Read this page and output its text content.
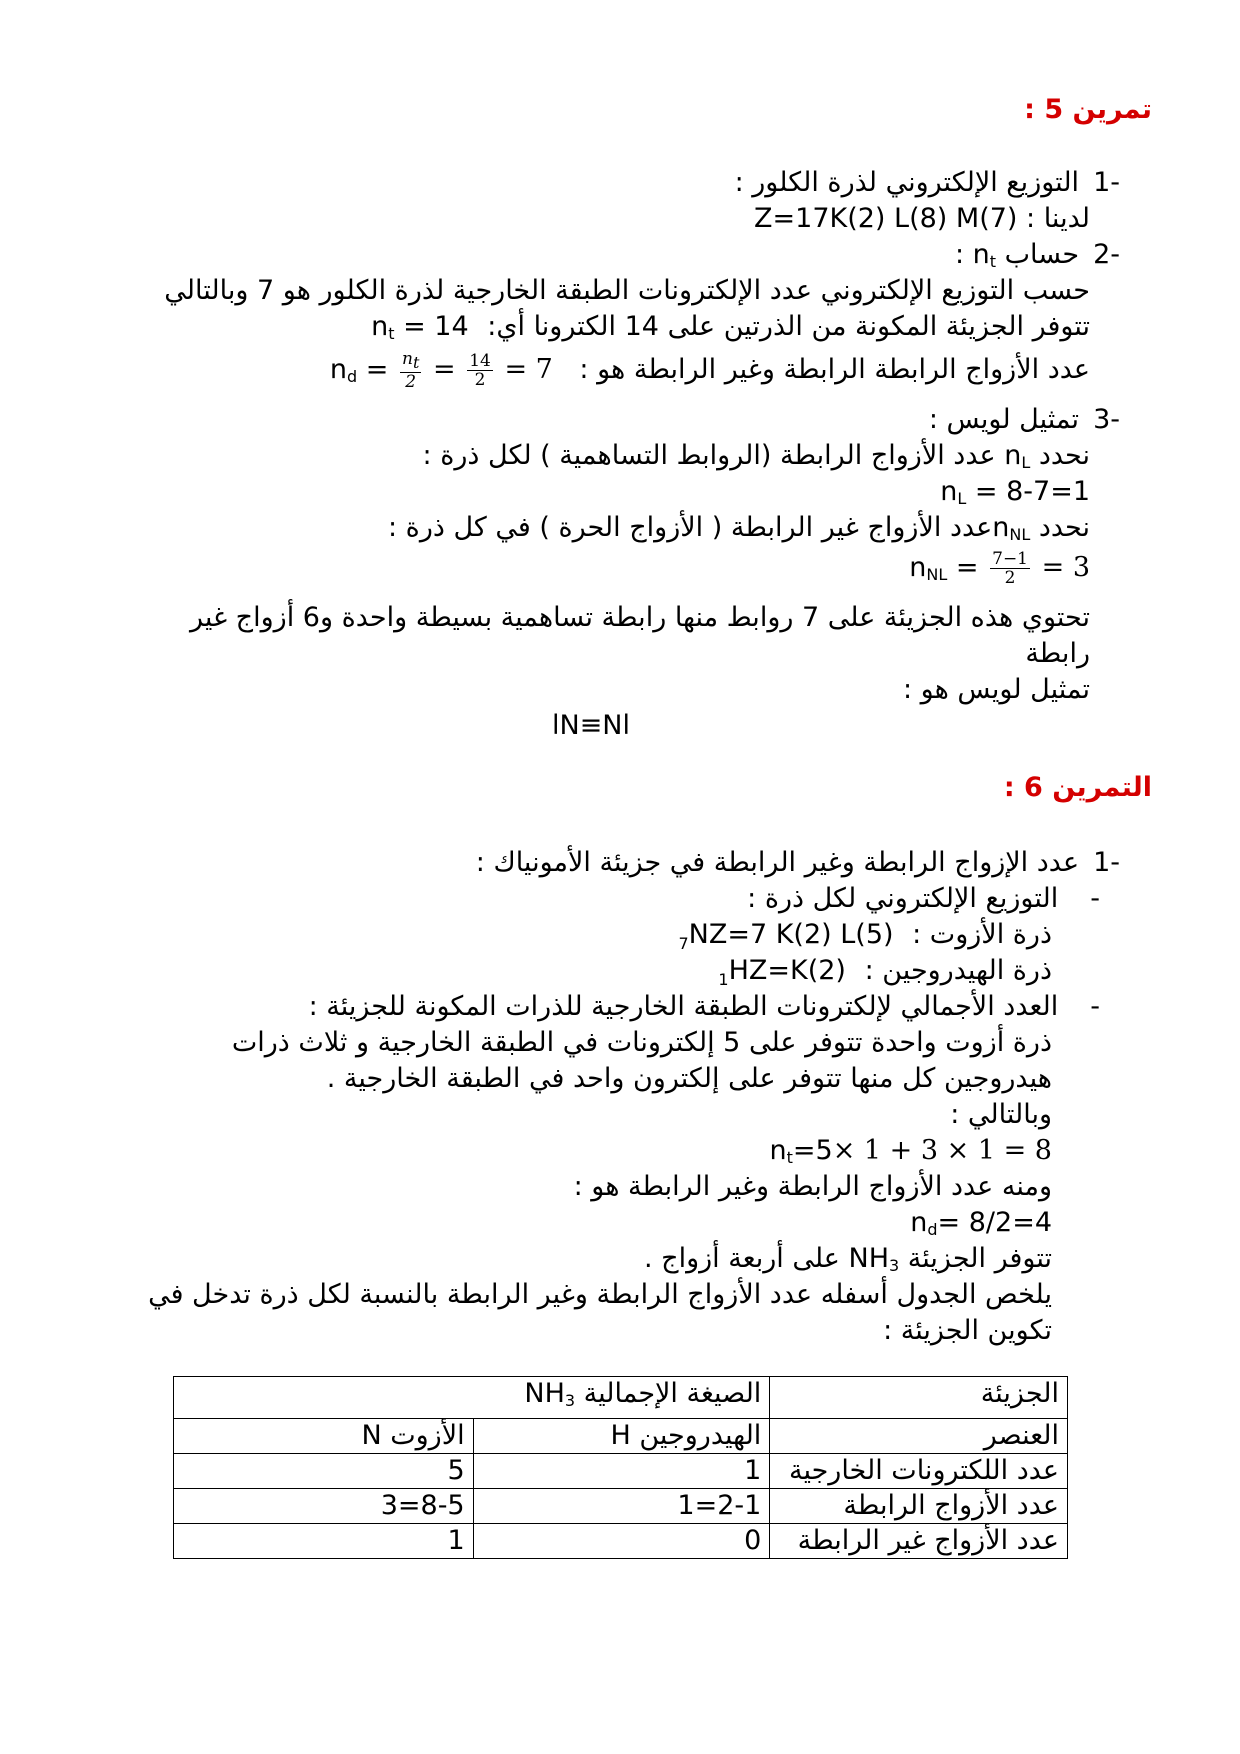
تمرين 5 :
-1التوزيع الإلكتروني لذرة الكلور :
لدينا : Z=17K(2) L(8) M(7)
-2حساب $n_t$ :
حسب التوزيع الإلكتروني عدد الإلكترونات الطبقة الخارجية لذرة الكلور هو 7 وبالتالي
تتوفر الجزيئة المكونة من الذرتين على 14 الكترونا أي: $n_t = 14$
عدد الأزواج الرابطة الرابطة وغير الرابطة هو : $n_d = \frac{n_t}{2} = \frac{14}{2} = 7$
-3تمثيل لويس :
نحدد $n_L$ عدد الأزواج الرابطة (الروابط التساهمية ) لكل ذرة :
$n_L = 8-7=1$
نحدد $n_{NL}عدد$ الأزواج غير الرابطة ( الأزواج الحرة ) في كل ذرة :
$n_{NL} = \frac{7-1}{2} = 3$
تحتوي هذه الجزيئة على 7 روابط منها رابطة تساهمية بسيطة واحدة و6 أزواج غير
رابطة
تمثيل لويس هو :
lN≡Nl
التمرين 6 :
-1عدد الإزواج الرابطة وغير الرابطة في جزيئة الأمونياك :
-التوزيع الإلكتروني لكل ذرة :
ذرة الأزوت : $_7$NZ=7 K(2) L(5)
ذرة الهيدروجين : $_1$HZ=K(2)
-العدد الأجمالي لإلكترونات الطبقة الخارجية للذرات المكونة للجزيئة :
ذرة أزوت واحدة تتوفر على 5 إلكترونات في الطبقة الخارجية و ثلاث ذرات
هيدروجين كل منها تتوفر على إلكترون واحد في الطبقة الخارجية .
وبالتالي :
$n_t=5\times 1 + 3 \times 1 = 8$
ومنه عدد الأزواج الرابطة وغير الرابطة هو :
$n_d= 8/2=4$
تتوفر الجزيئة $NH_3$ على أربعة أزواج .
يلخص الجدول أسفله عدد الأزواج الرابطة وغير الرابطة بالنسبة لكل ذرة تدخل في
تكوين الجزيئة :
الجزيئة	الصيغة الإجمالية $NH_3$
العنصر	الهيدروجين H	الأزوت N
عدد اللكترونات الخارجية	1	5
عدد الأزواج الرابطة	2-1=1	8-5=3
عدد الأزواج غير الرابطة	0	1
